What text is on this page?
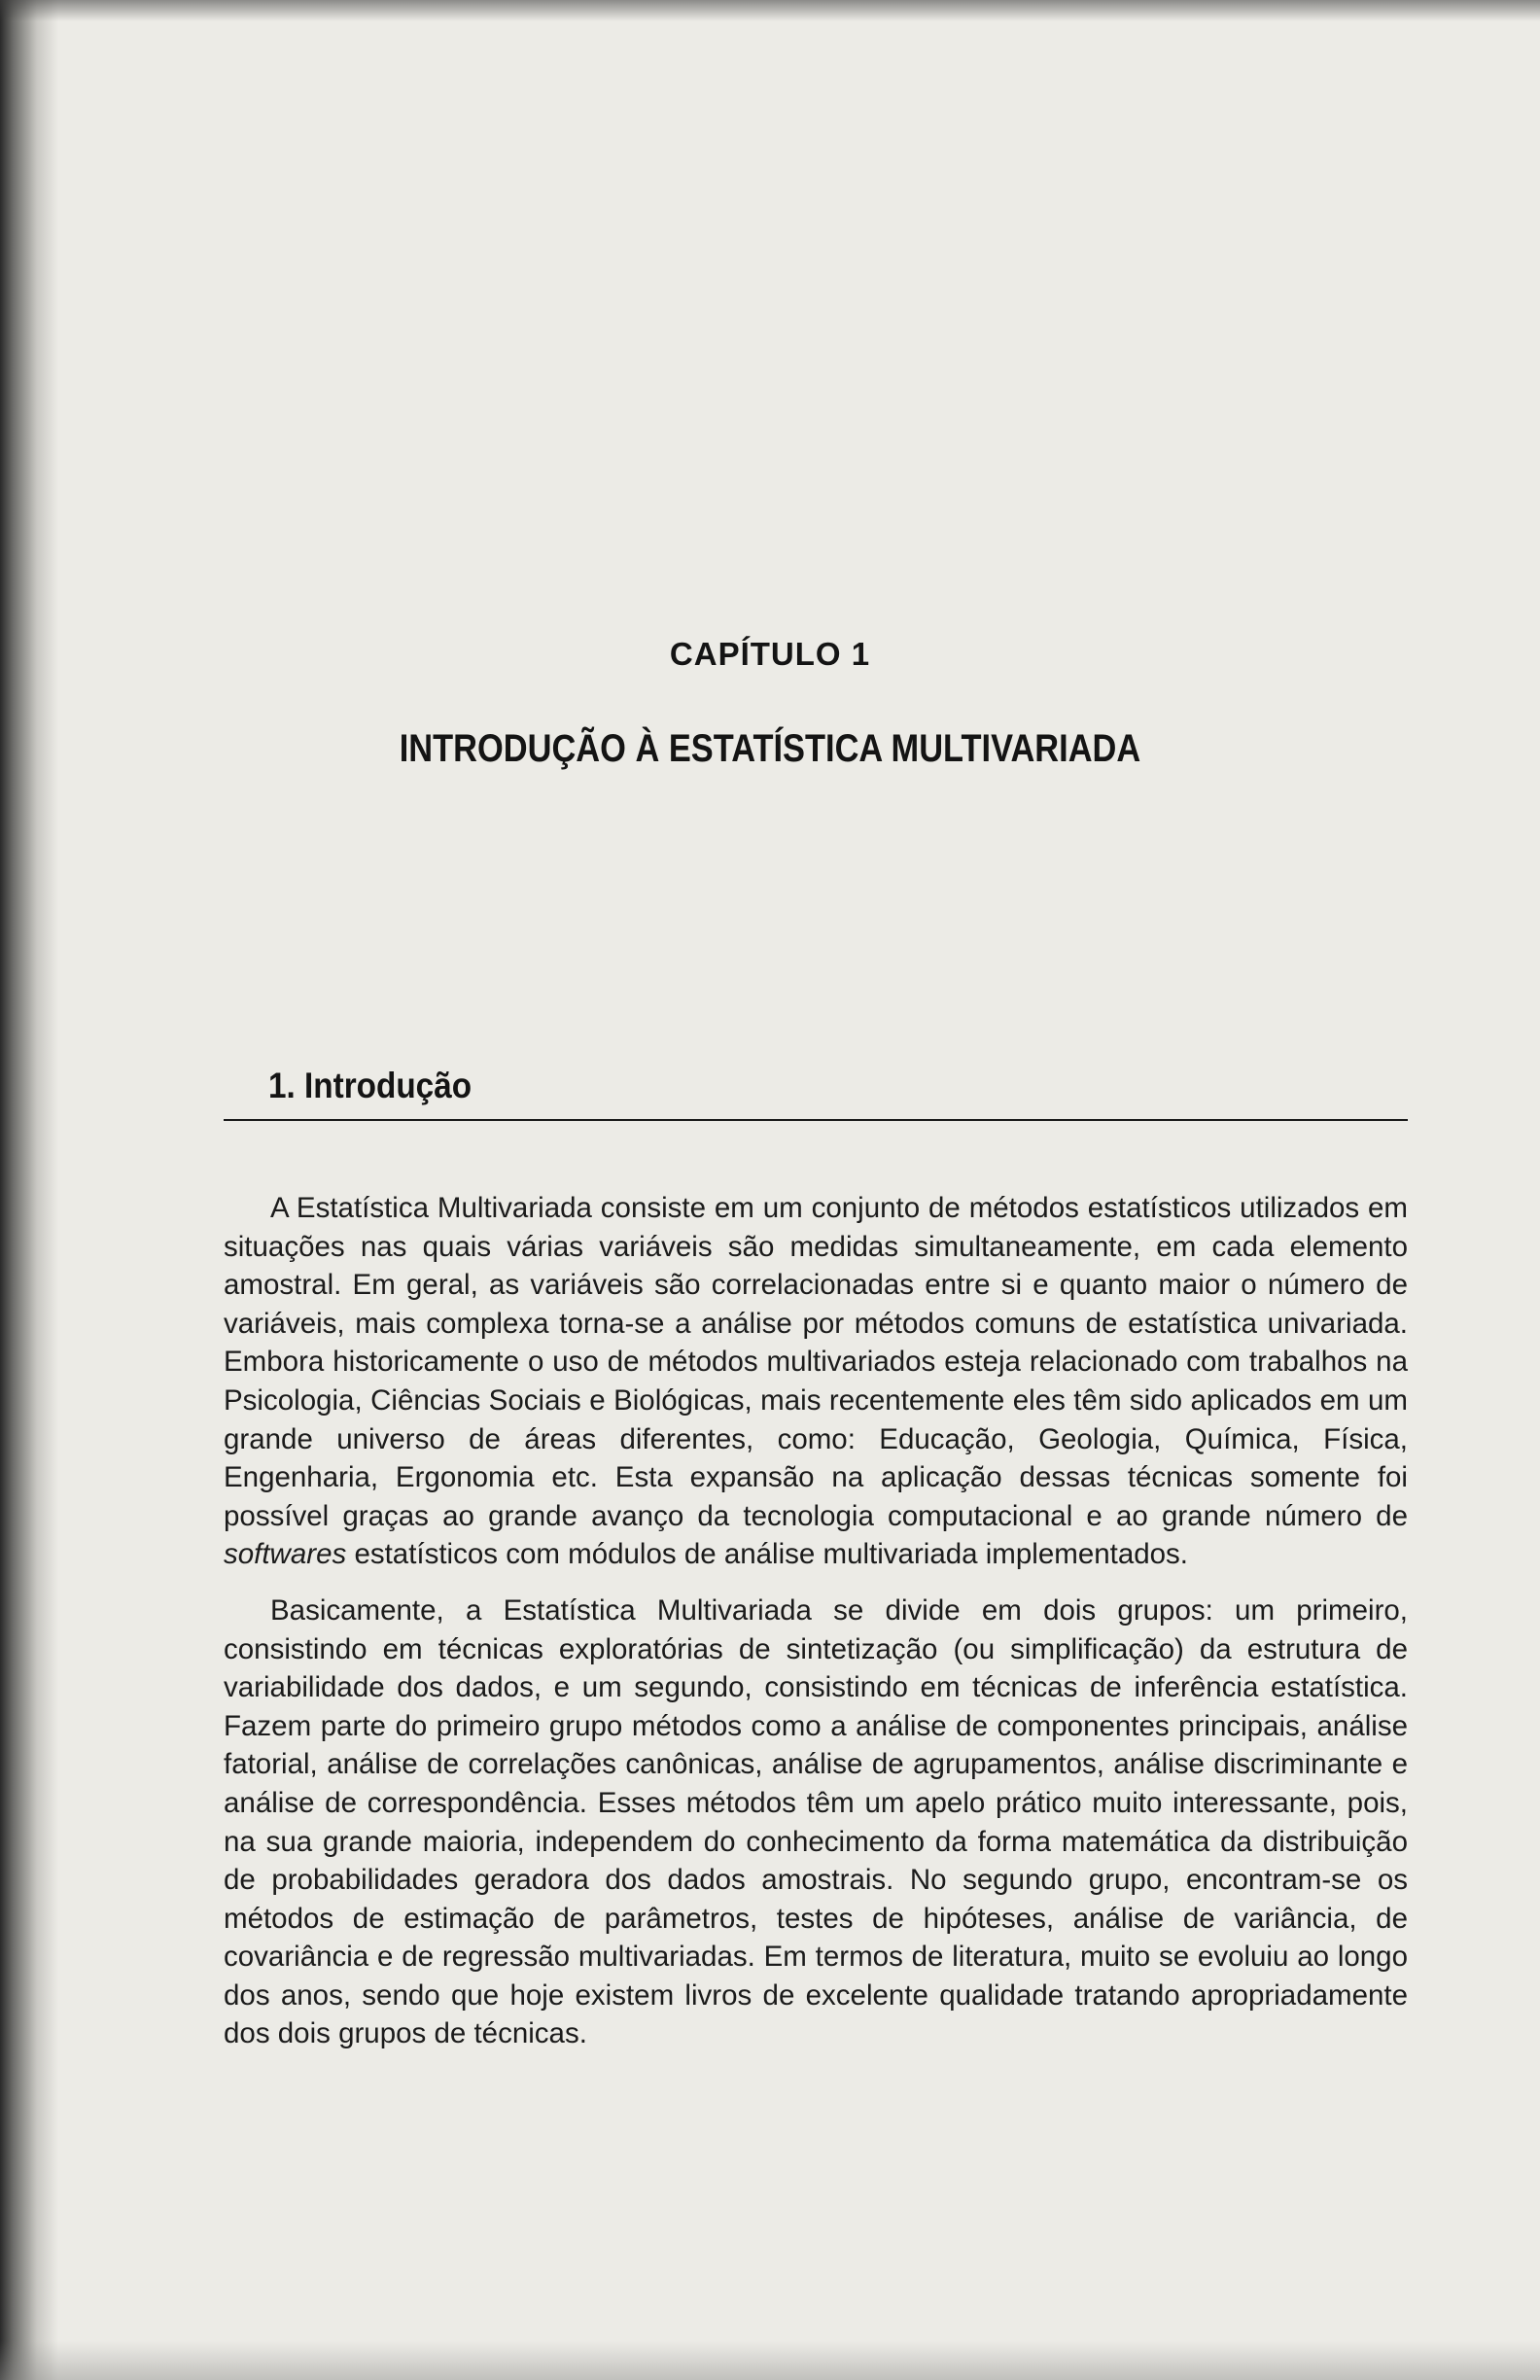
CAPÍTULO 1
INTRODUÇÃO À ESTATÍSTICA MULTIVARIADA
1. Introdução

A Estatística Multivariada consiste em um conjunto de métodos estatísticos utilizados em situações nas quais várias variáveis são medidas simultaneamente, em cada elemento amostral. Em geral, as variáveis são correlacionadas entre si e quanto maior o número de variáveis, mais complexa torna-se a análise por métodos comuns de estatística univariada. Embora historicamente o uso de métodos multivariados esteja relacionado com trabalhos na Psicologia, Ciências Sociais e Biológicas, mais recentemente eles têm sido aplicados em um grande universo de áreas diferentes, como: Educação, Geologia, Química, Física, Engenharia, Ergonomia etc. Esta expansão na aplicação dessas técnicas somente foi possível graças ao grande avanço da tecnologia computacional e ao grande número de softwares estatísticos com módulos de análise multivariada implementados.

Basicamente, a Estatística Multivariada se divide em dois grupos: um primeiro, consistindo em técnicas exploratórias de sintetização (ou simplificação) da estrutura de variabilidade dos dados, e um segundo, consistindo em técnicas de inferência estatística. Fazem parte do primeiro grupo métodos como a análise de componentes principais, análise fatorial, análise de correlações canônicas, análise de agrupamentos, análise discriminante e análise de correspondência. Esses métodos têm um apelo prático muito interessante, pois, na sua grande maioria, independem do conhecimento da forma matemática da distribuição de probabilidades geradora dos dados amostrais. No segundo grupo, encontram-se os métodos de estimação de parâmetros, testes de hipóteses, análise de variância, de covariância e de regressão multivariadas. Em termos de literatura, muito se evoluiu ao longo dos anos, sendo que hoje existem livros de excelente qualidade tratando apropriadamente dos dois grupos de técnicas.
